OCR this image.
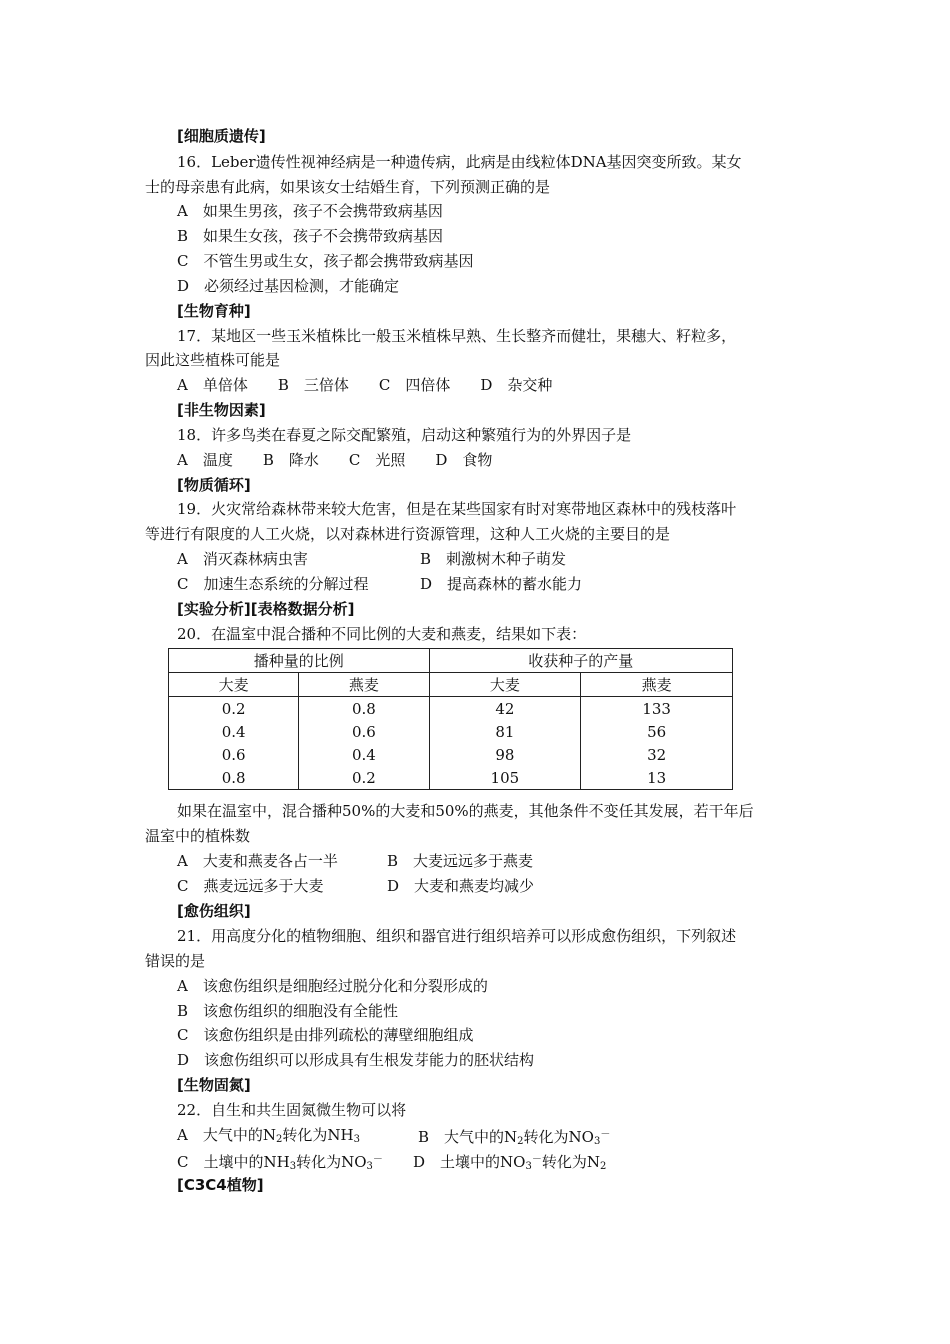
[细胞质遗传]
16．Leber遗传性视神经病是一种遗传病，此病是由线粒体DNA基因突变所致。某女
士的母亲患有此病，如果该女士结婚生育，下列预测正确的是
A　如果生男孩，孩子不会携带致病基因
B　如果生女孩，孩子不会携带致病基因
C　不管生男或生女，孩子都会携带致病基因
D　必须经过基因检测，才能确定
[生物育种]
17．某地区一些玉米植株比一般玉米植株早熟、生长整齐而健壮，果穗大、籽粒多，
因此这些植株可能是
A　单倍体　　B　三倍体　　C　四倍体　　D　杂交种
[非生物因素]
18．许多鸟类在春夏之际交配繁殖，启动这种繁殖行为的外界因子是
A　温度　　B　降水　　C　光照　　D　食物
[物质循环]
19．火灾常给森林带来较大危害，但是在某些国家有时对寒带地区森林中的残枝落叶
等进行有限度的人工火烧，以对森林进行资源管理，这种人工火烧的主要目的是
A　消灭森林病虫害	B　刺激树木种子萌发
C　加速生态系统的分解过程	D　提高森林的蓄水能力
[实验分析][表格数据分析]
20．在温室中混合播种不同比例的大麦和燕麦，结果如下表：
播种量的比例		收获种子的产量	
大麦	燕麦	大麦	燕麦
0.2	0.8	42	133
0.4	0.6	81	56
0.6	0.4	98	32
0.8	0.2	105	13
如果在温室中，混合播种50%的大麦和50%的燕麦，其他条件不变任其发展，若干年后
温室中的植株数
A　大麦和燕麦各占一半	B　大麦远远多于燕麦
C　燕麦远远多于大麦	D　大麦和燕麦均减少
[愈伤组织]
21．用高度分化的植物细胞、组织和器官进行组织培养可以形成愈伤组织，下列叙述
错误的是
A　该愈伤组织是细胞经过脱分化和分裂形成的
B　该愈伤组织的细胞没有全能性
C　该愈伤组织是由排列疏松的薄壁细胞组成
D　该愈伤组织可以形成具有生根发芽能力的胚状结构
[生物固氮]
22．自生和共生固氮微生物可以将
A　大气中的$N_2$转化为$NH_3$	B　大气中的$N_2$转化为$NO_3^-$
C　土壤中的$NH_3$转化为$NO_3^-$ D　土壤中的$NO_3^-$转化为$N_2$
[C3C4植物]
